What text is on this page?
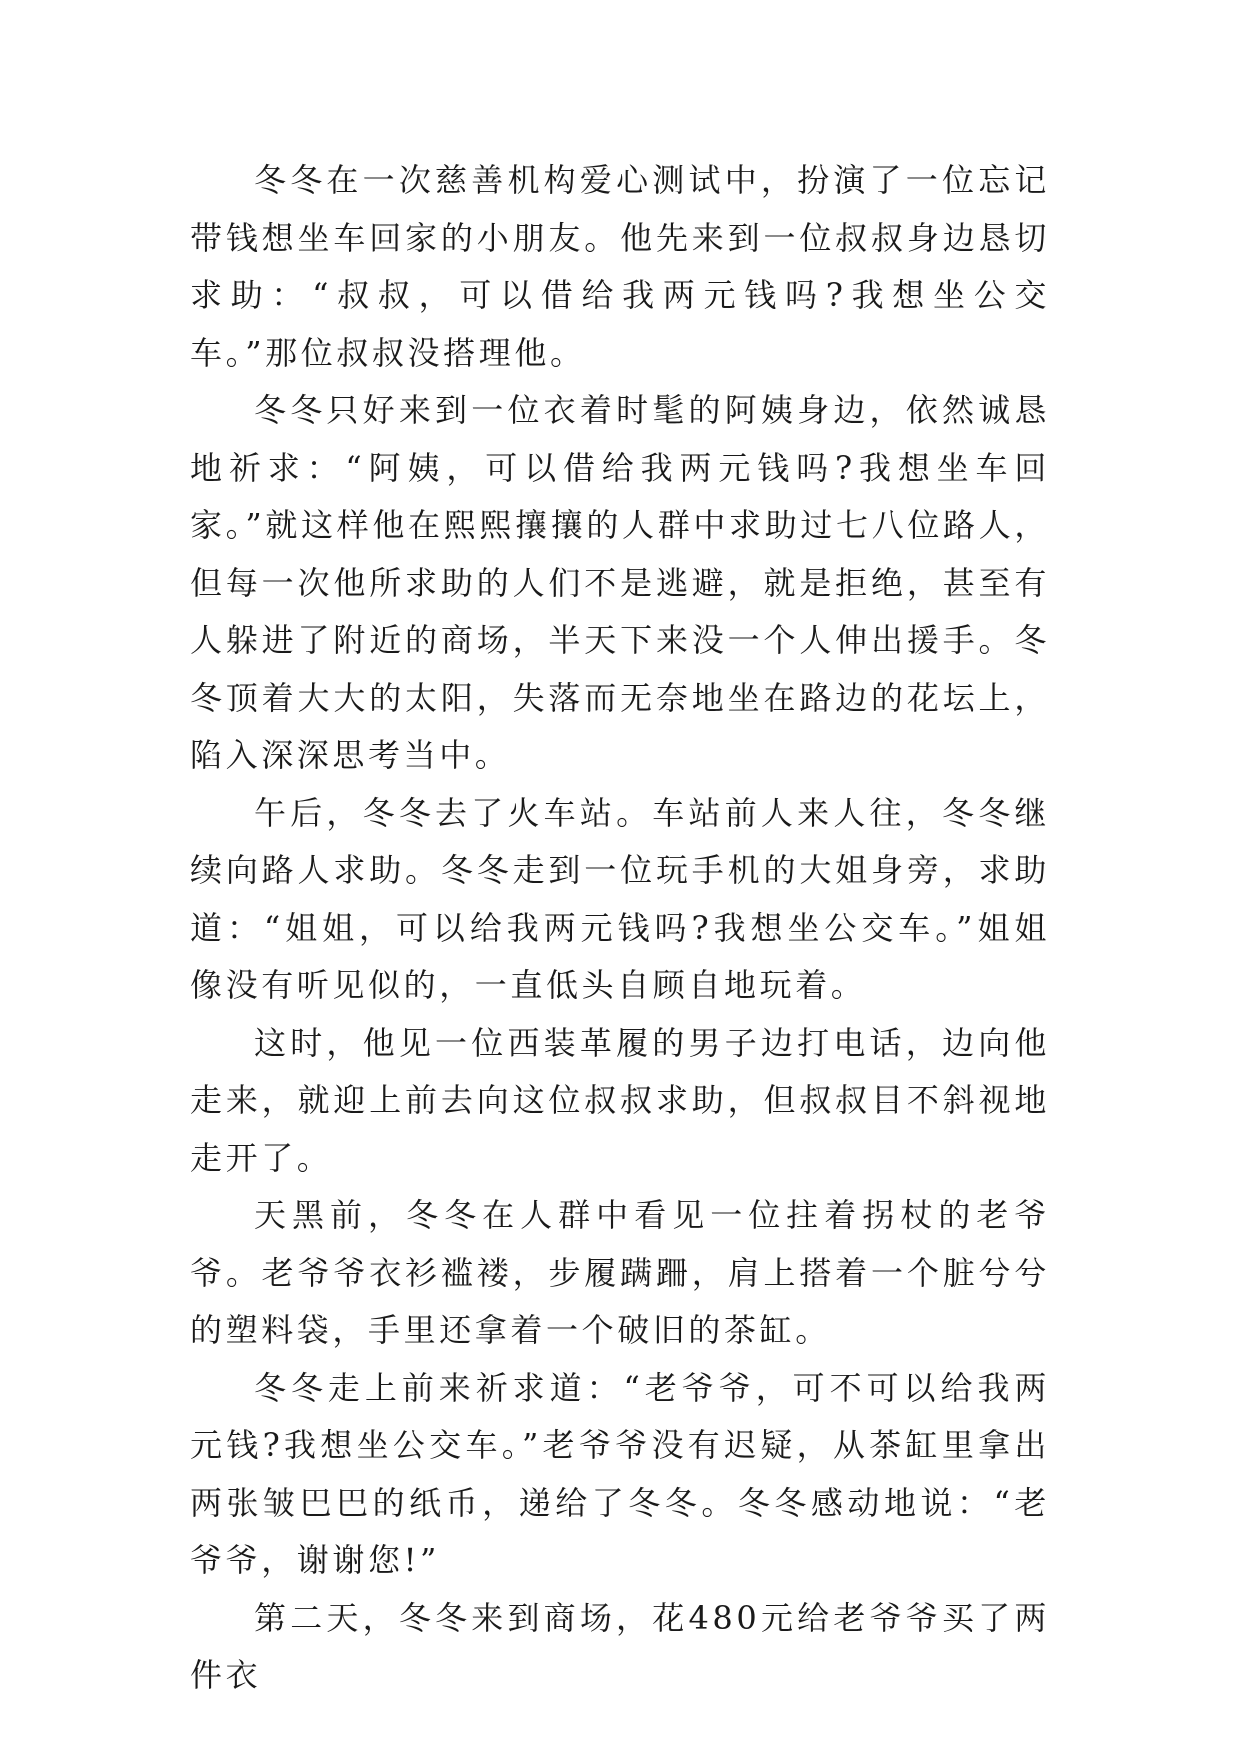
冬冬在一次慈善机构爱心测试中，扮演了一位忘记带钱想坐车回家的小朋友。他先来到一位叔叔身边恳切求助：“叔叔，可以借给我两元钱吗?我想坐公交车。”那位叔叔没搭理他。

冬冬只好来到一位衣着时髦的阿姨身边，依然诚恳地祈求：“阿姨，可以借给我两元钱吗?我想坐车回家。”就这样他在熙熙攘攘的人群中求助过七八位路人，但每一次他所求助的人们不是逃避，就是拒绝，甚至有人躲进了附近的商场，半天下来没一个人伸出援手。冬冬顶着大大的太阳，失落而无奈地坐在路边的花坛上，陷入深深思考当中。

午后，冬冬去了火车站。车站前人来人往，冬冬继续向路人求助。冬冬走到一位玩手机的大姐身旁，求助道：“姐姐，可以给我两元钱吗?我想坐公交车。”姐姐像没有听见似的，一直低头自顾自地玩着。

这时，他见一位西装革履的男子边打电话，边向他走来，就迎上前去向这位叔叔求助，但叔叔目不斜视地走开了。

天黑前，冬冬在人群中看见一位拄着拐杖的老爷爷。老爷爷衣衫褴褛，步履蹒跚，肩上搭着一个脏兮兮的塑料袋，手里还拿着一个破旧的茶缸。

冬冬走上前来祈求道：“老爷爷，可不可以给我两元钱?我想坐公交车。”老爷爷没有迟疑，从茶缸里拿出两张皱巴巴的纸币，递给了冬冬。冬冬感动地说：“老爷爷，谢谢您!”

第二天，冬冬来到商场，花480元给老爷爷买了两件衣
